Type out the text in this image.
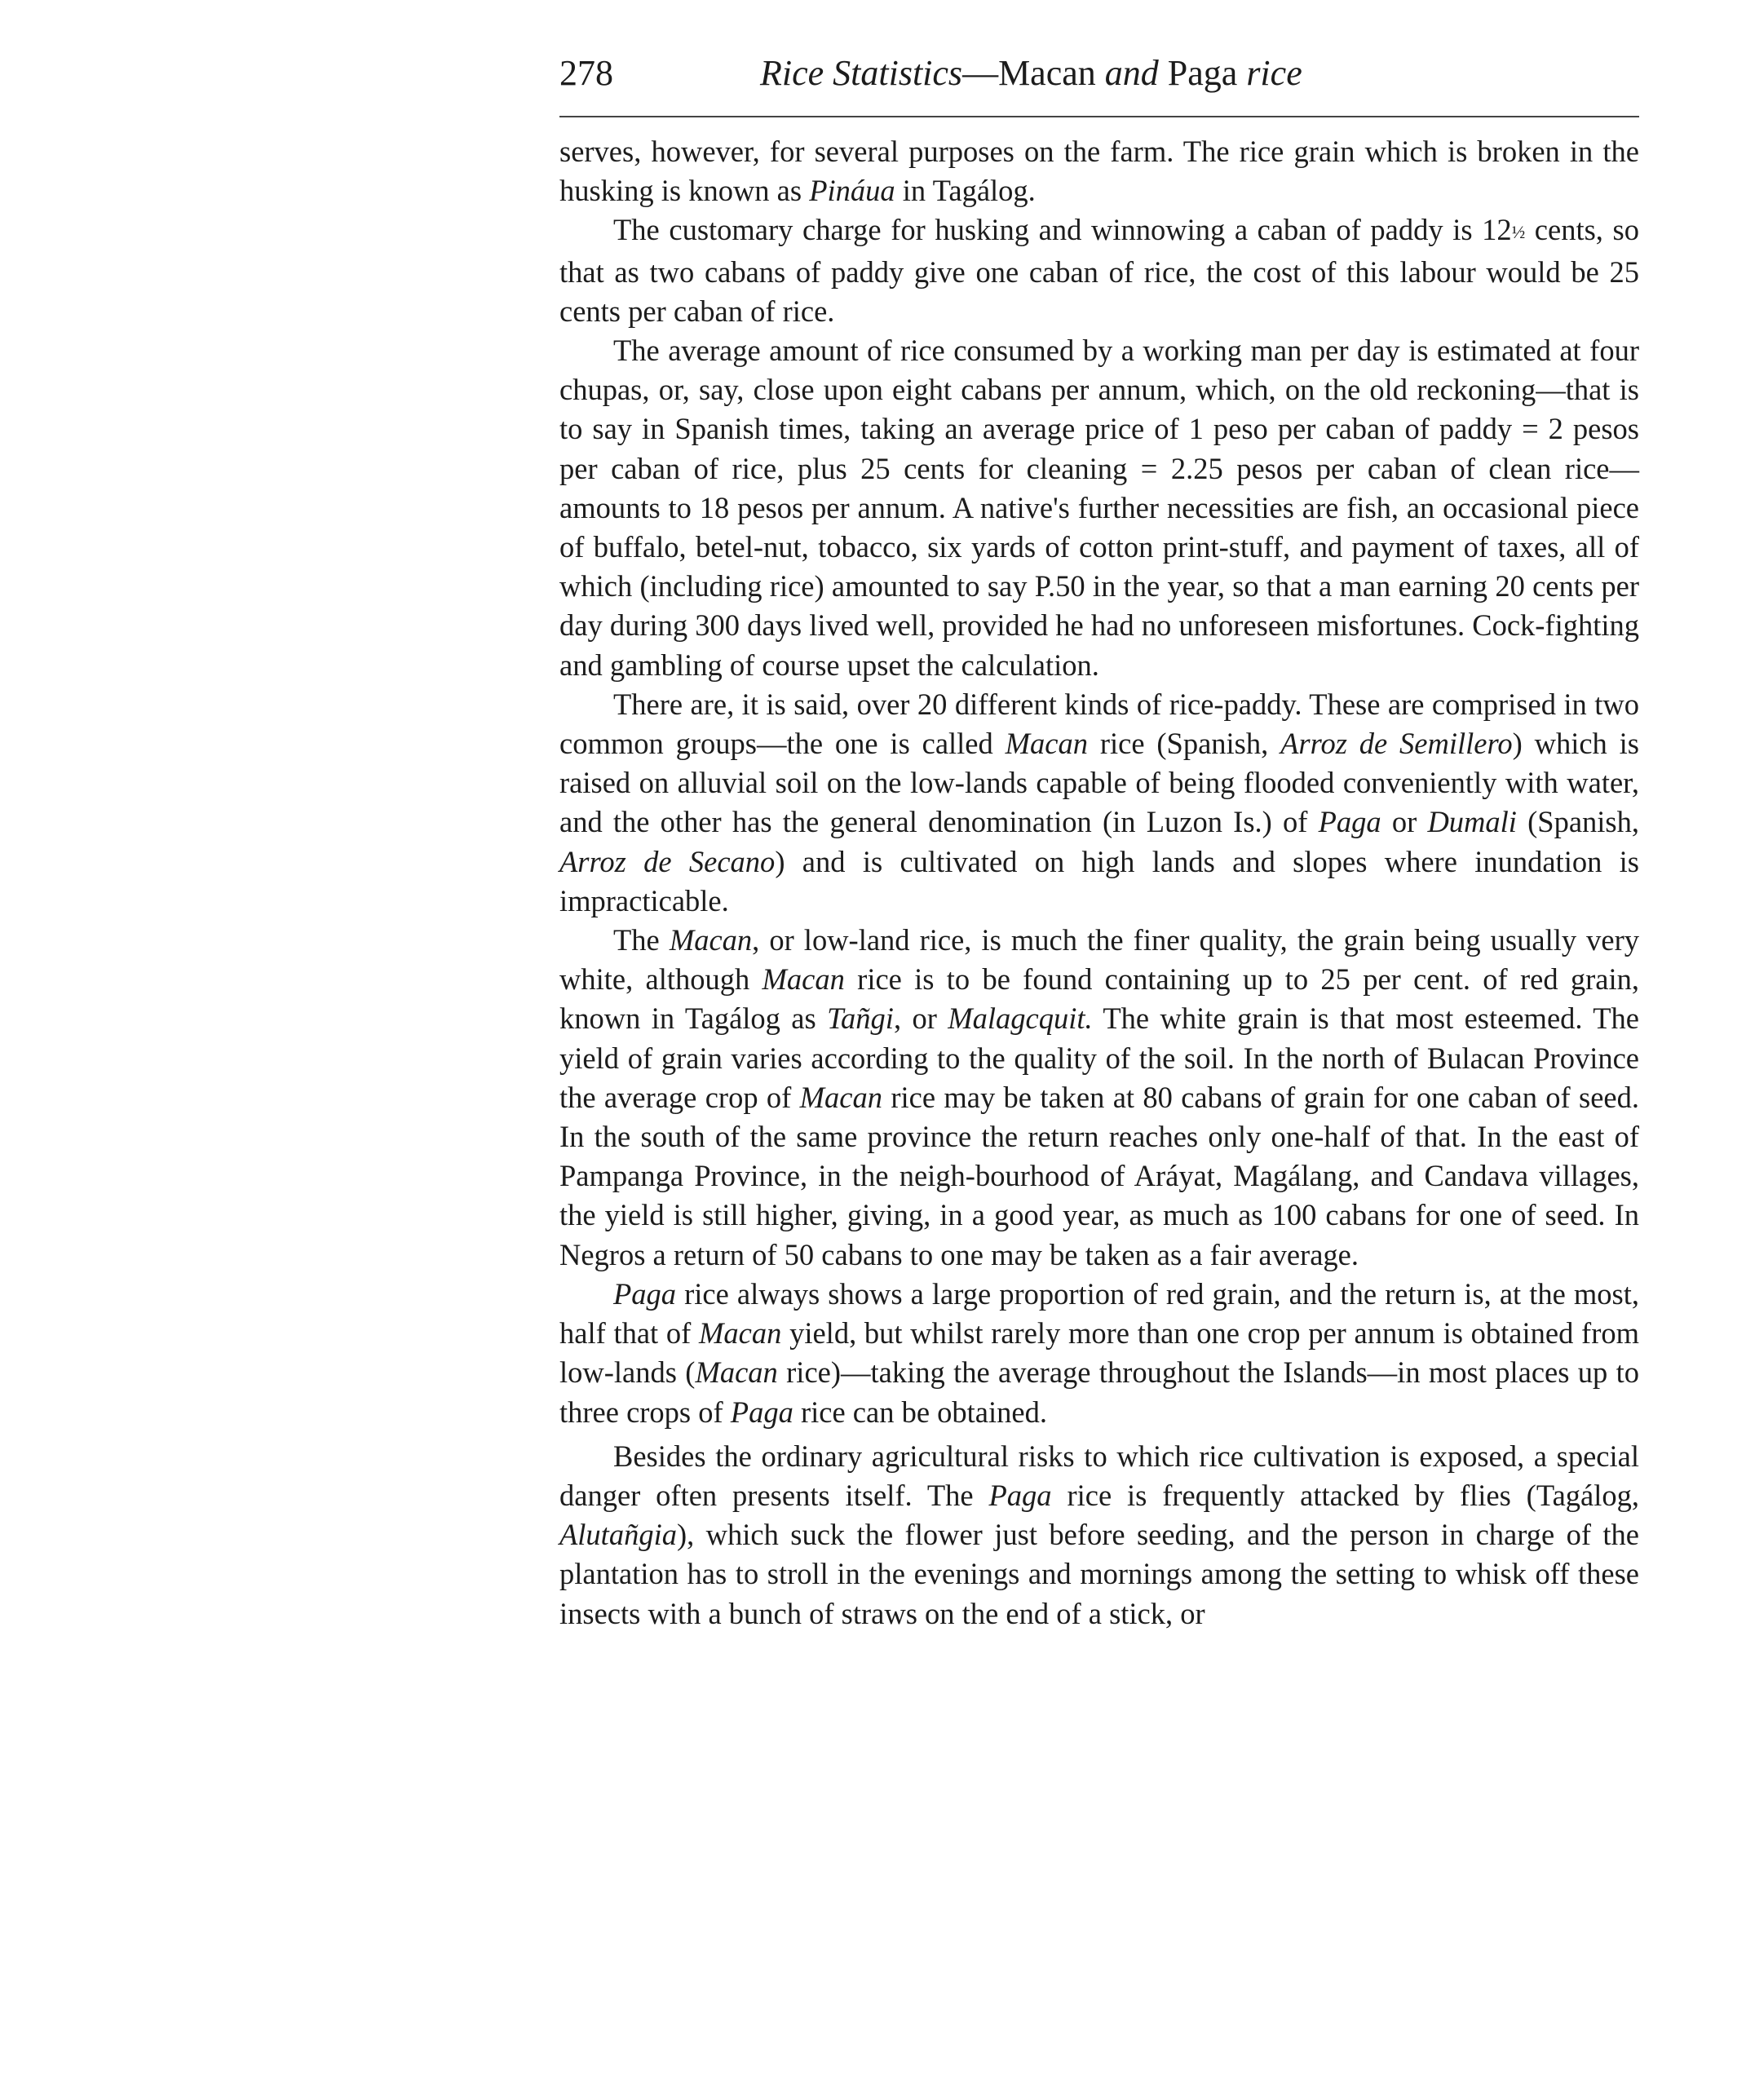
278	Rice Statistics—Macan and Paga rice

serves, however, for several purposes on the farm. The rice grain which is broken in the husking is known as Pináua in Tagálog.

The customary charge for husking and winnowing a caban of paddy is 12½ cents, so that as two cabans of paddy give one caban of rice, the cost of this labour would be 25 cents per caban of rice.

The average amount of rice consumed by a working man per day is estimated at four chupas, or, say, close upon eight cabans per annum, which, on the old reckoning—that is to say in Spanish times, taking an average price of 1 peso per caban of paddy = 2 pesos per caban of rice, plus 25 cents for cleaning = 2.25 pesos per caban of clean rice—amounts to 18 pesos per annum. A native's further necessities are fish, an occasional piece of buffalo, betel-nut, tobacco, six yards of cotton print-stuff, and payment of taxes, all of which (including rice) amounted to say P.50 in the year, so that a man earning 20 cents per day during 300 days lived well, provided he had no unforeseen misfortunes. Cock-fighting and gambling of course upset the calculation.

There are, it is said, over 20 different kinds of rice-paddy. These are comprised in two common groups—the one is called Macan rice (Spanish, Arroz de Semillero) which is raised on alluvial soil on the low-lands capable of being flooded conveniently with water, and the other has the general denomination (in Luzon Is.) of Paga or Dumali (Spanish, Arroz de Secano) and is cultivated on high lands and slopes where inundation is impracticable.

The Macan, or low-land rice, is much the finer quality, the grain being usually very white, although Macan rice is to be found containing up to 25 per cent. of red grain, known in Tagálog as Tañgi, or Malagcquit. The white grain is that most esteemed. The yield of grain varies according to the quality of the soil. In the north of Bulacan Province the average crop of Macan rice may be taken at 80 cabans of grain for one caban of seed. In the south of the same province the return reaches only one-half of that. In the east of Pampanga Province, in the neigh-bourhood of Aráyat, Magálang, and Candava villages, the yield is still higher, giving, in a good year, as much as 100 cabans for one of seed. In Negros a return of 50 cabans to one may be taken as a fair average.

Paga rice always shows a large proportion of red grain, and the return is, at the most, half that of Macan yield, but whilst rarely more than one crop per annum is obtained from low-lands (Macan rice)—taking the average throughout the Islands—in most places up to three crops of Paga rice can be obtained.

Besides the ordinary agricultural risks to which rice cultivation is exposed, a special danger often presents itself. The Paga rice is frequently attacked by flies (Tagálog, Alutañgia), which suck the flower just before seeding, and the person in charge of the plantation has to stroll in the evenings and mornings among the setting to whisk off these insects with a bunch of straws on the end of a stick, or
